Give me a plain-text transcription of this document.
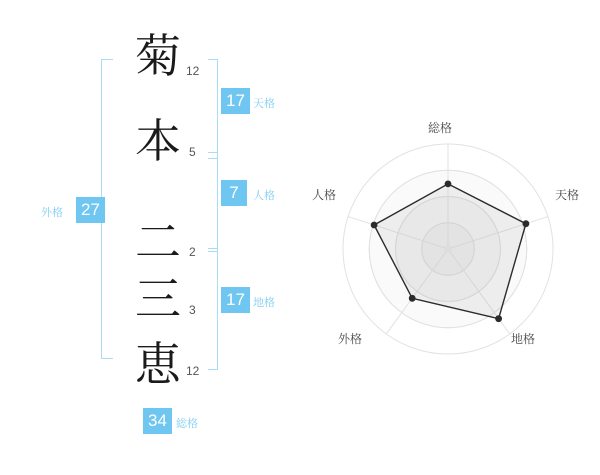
菊
本
二
三
恵
12
5
2
3
12
17 天格
7	人格
17 地格
27
外格
34 総格
総格
天格
地格
外格
人格
